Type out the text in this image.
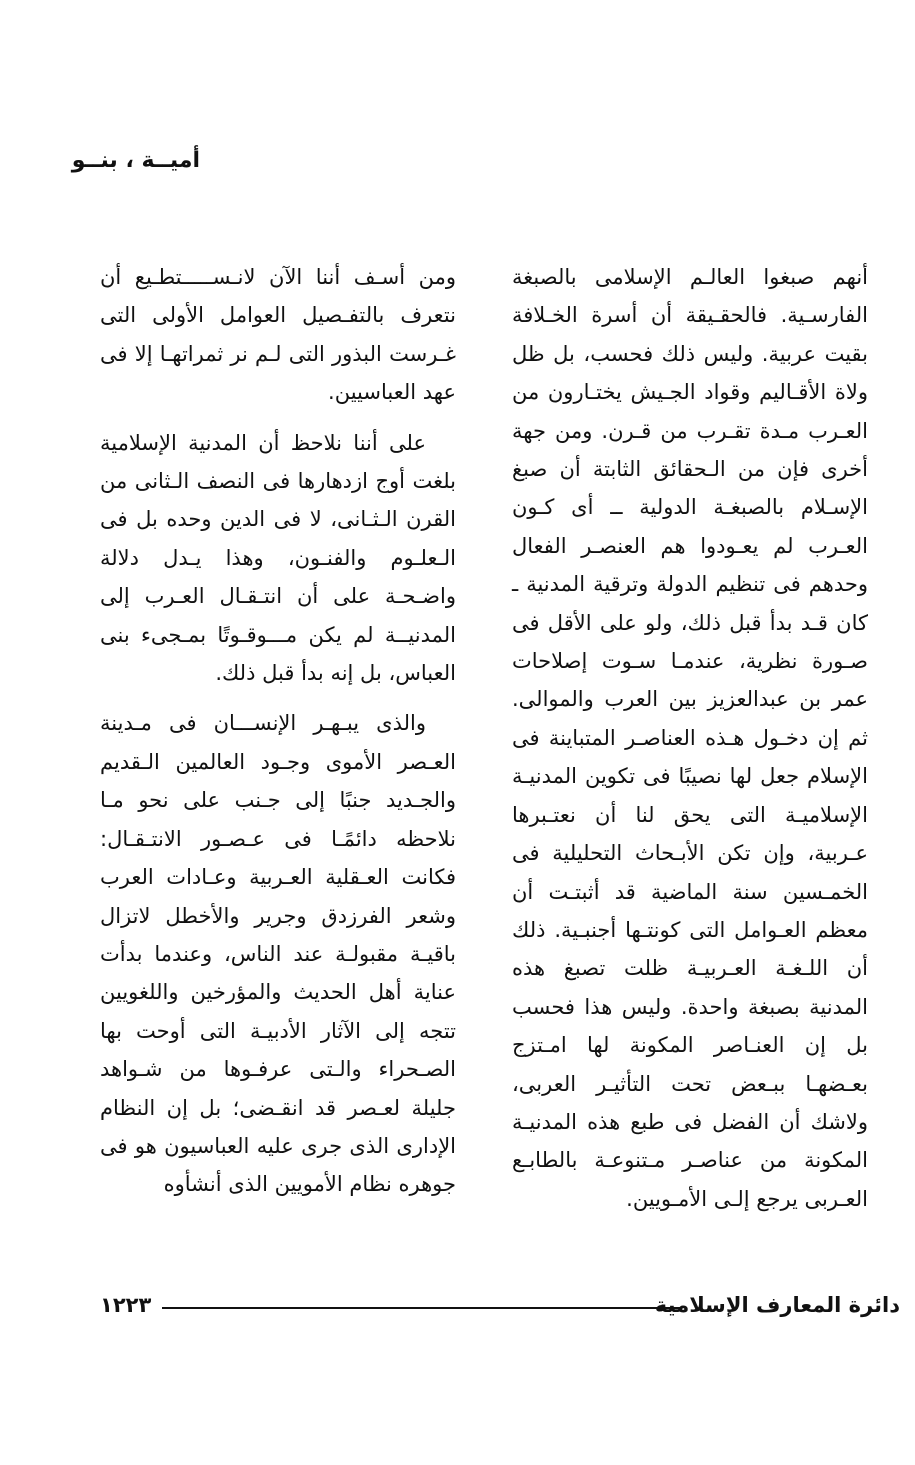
أميــة ، بنــو

أنهم صبغوا العالـم الإسلامى بالصبغة الفارسـية. فالحقـيقة أن أسرة الخـلافة بقيت عربية. وليس ذلك فحسب، بل ظل ولاة الأقـاليم وقواد الجـيش يختـارون من العـرب مـدة تقـرب من قـرن. ومن جهة أخرى فإن من الـحقائق الثابتة أن صبغ الإسـلام بالصبغـة الدولية ــ أى كـون العـرب لم يعـودوا هم العنصـر الفعال وحدهم فى تنظيم الدولة وترقية المدنية ـ كان قـد بدأ قبل ذلك، ولو على الأقل فى صـورة نظرية، عندمـا سـوت إصلاحات عمر بن عبدالعزيز بين العرب والموالى. ثم إن دخـول هـذه العناصـر المتباينة فى الإسلام جعل لها نصيبًا فى تكوين المدنيـة الإسلاميـة التى يحق لنا أن نعتـبرها عـربية، وإن تكن الأبـحاث التحليلية فى الخمـسين سنة الماضية قد أثبتـت أن معظم العـوامل التى كونتـها أجنبـية. ذلك أن اللـغـة العـربيـة ظلت تصبغ هذه المدنية بصبغة واحدة. وليس هذا فحسب بل إن العنـاصر المكونة لها امـتزج بعـضهـا ببـعض تحت التأثيـر العربى، ولاشك أن الفضل فى طبع هذه المدنيـة المكونة من عناصـر مـتنوعـة بالطابـع العـربى يرجع إلـى الأمـويين.

ومن أسـف أننا الآن لانـســـــتطـيع أن نتعرف بالتفـصيل العوامل الأولى التى غـرست البذور التى لـم نر ثمراتهـا إلا فى عهد العباسيين.

على أننا نلاحظ أن المدنية الإسلامية بلغت أوج ازدهارها فى النصف الـثانى من القرن الـثـانى، لا فى الدين وحده بل فى الـعلـوم والفنـون، وهذا يـدل دلالة واضـحـة على أن انتـقـال العـرب إلى المدنيــة لم يكن مـــوقـوتًا بمـجىء بنى العباس، بل إنه بدأ قبل ذلك.

والذى يبـهـر الإنســـان فى مـدينة العـصر الأموى وجـود العالمين الـقديم والجـديد جنبًا إلى جـنب على نحو مـا نلاحظه دائمًـا فى عـصـور الانتـقـال: فكانت العـقلية العـربية وعـادات العرب وشعر الفرزدق وجرير والأخطل لاتزال باقيـة مقبولـة عند الناس، وعندما بدأت عناية أهل الحديث والمؤرخين واللغويين تتجه إلى الآثار الأدبيـة التى أوحت بها الصـحراء والـتى عرفـوها من شـواهد جليلة لعـصر قد انقـضى؛ بل إن النظام الإدارى الذى جرى عليه العباسيون هو فى جوهره نظام الأمويين الذى أنشأوه

دائرة المعارف الإسلامية
١٢٢٣
